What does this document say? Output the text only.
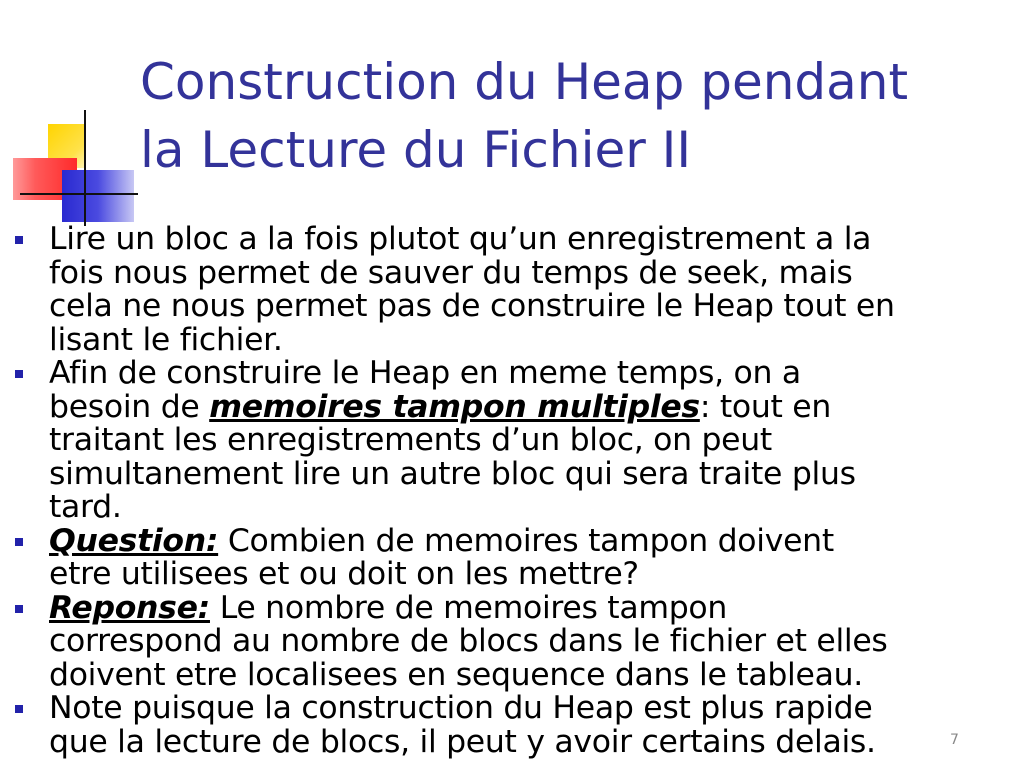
Construction du Heap pendant
la Lecture du Fichier II
Lire un bloc a la fois plutot qu’un enregistrement a la
fois nous permet de sauver du temps de seek, mais
cela ne nous permet pas de construire le Heap tout en
lisant le fichier.
Afin de construire le Heap en meme temps, on a
besoin de memoires tampon multiples: tout en
traitant les enregistrements d’un bloc, on peut
simultanement lire un autre bloc qui sera traite plus
tard.
Question: Combien de memoires tampon doivent
etre utilisees et ou doit on les mettre?
Reponse: Le nombre de memoires tampon
correspond au nombre de blocs dans le fichier et elles
doivent etre localisees en sequence dans le tableau.
Note puisque la construction du Heap est plus rapide
que la lecture de blocs, il peut y avoir certains delais.	7
